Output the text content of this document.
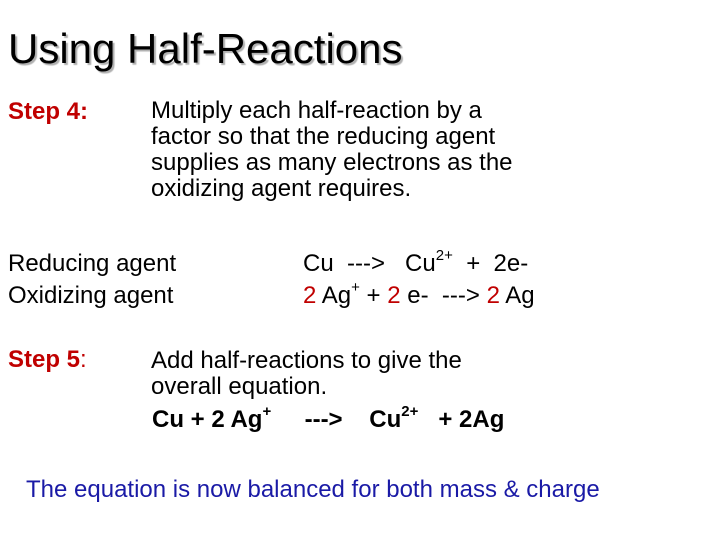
Using Half-Reactions
Step 4:	Multiply each half-reaction by a
factor so that the reducing agent
supplies as many electrons as the
oxidizing agent requires.
Reducing agent
Oxidizing agent
Cu ---> $Cu^{2+} + 2e-$
2 Ag+ + 2 e- ---> 2 Ag
Step 5:	Add half-reactions to give the
overall equation.
Cu + 2 Ag+ ---> $Cu^{2+} + 2Ag$
The equation is now balanced for both mass & charge
